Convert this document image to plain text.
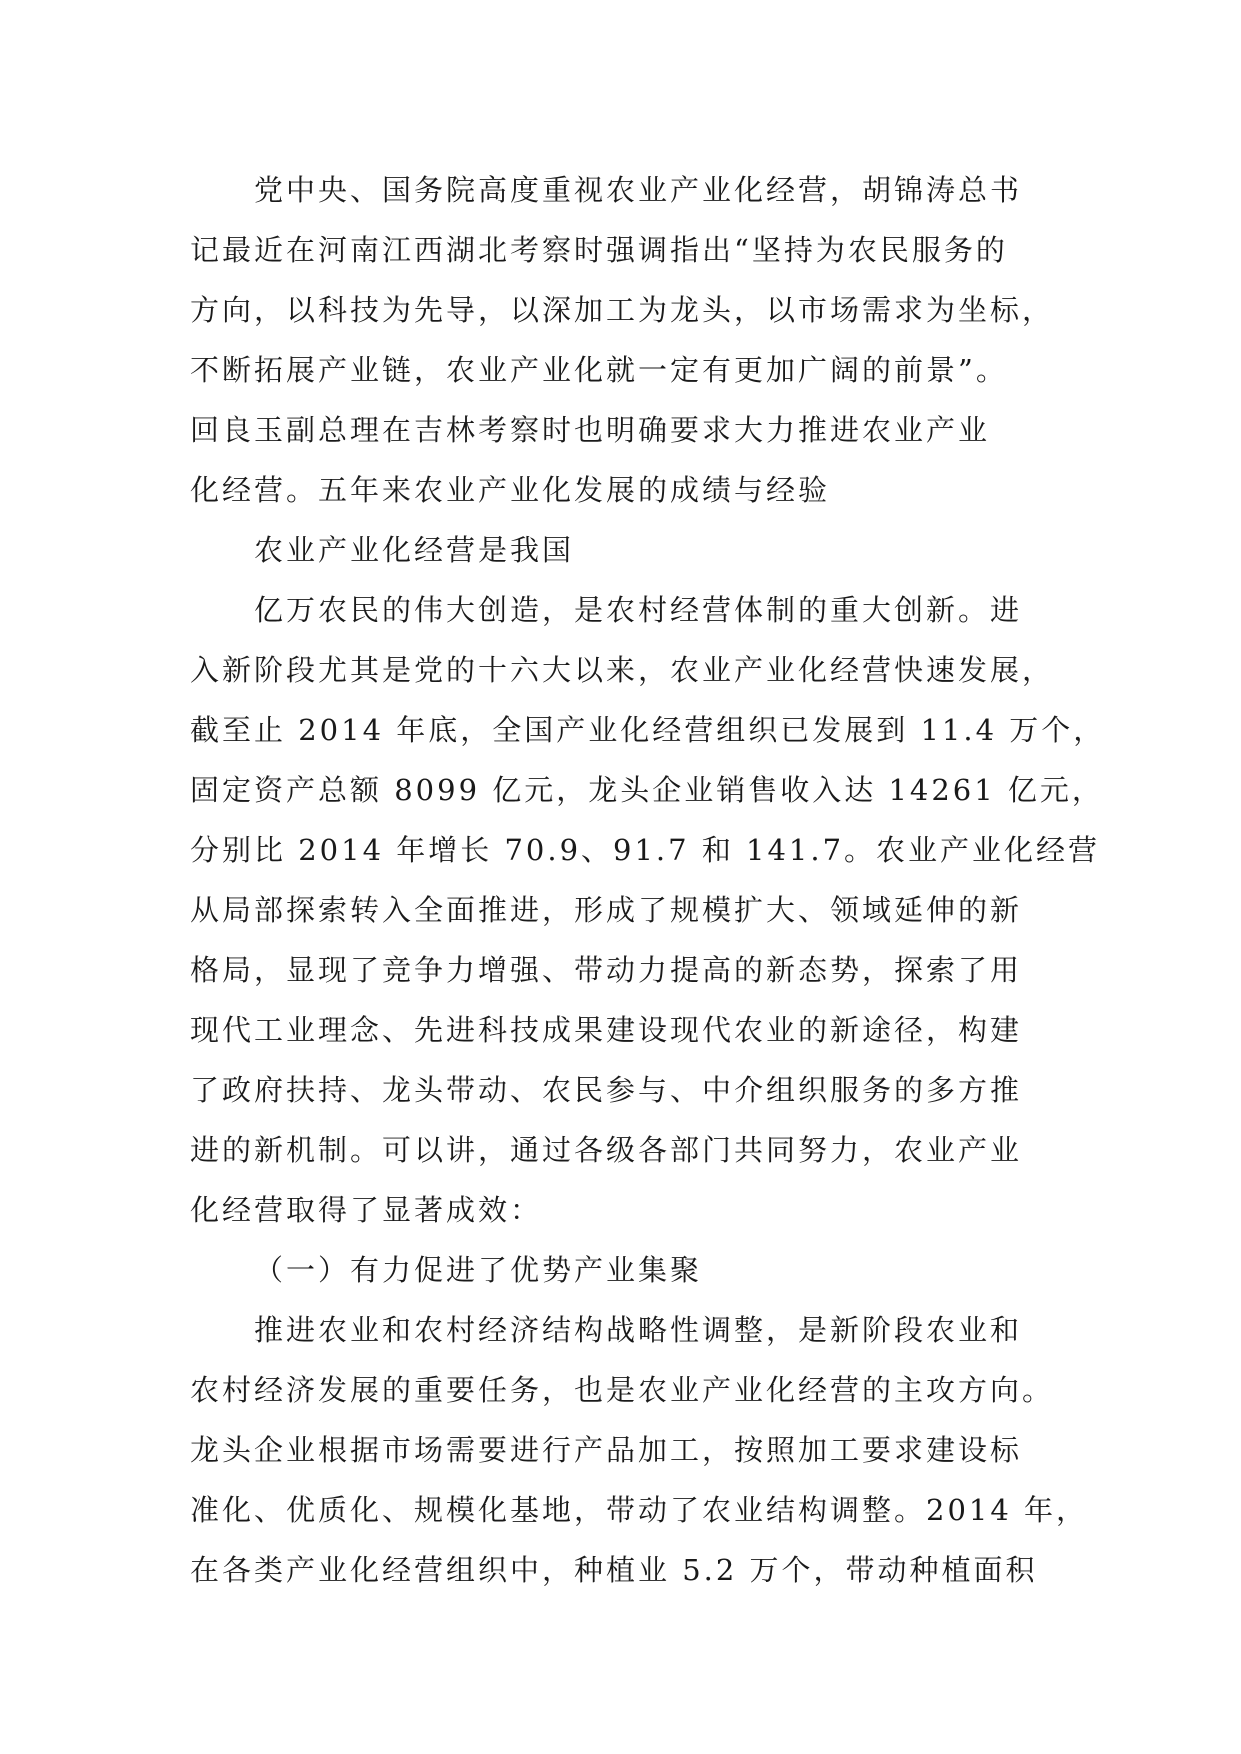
党中央、国务院高度重视农业产业化经营，胡锦涛总书
记最近在河南江西湖北考察时强调指出“坚持为农民服务的
方向，以科技为先导，以深加工为龙头，以市场需求为坐标，
不断拓展产业链，农业产业化就一定有更加广阔的前景”。
回良玉副总理在吉林考察时也明确要求大力推进农业产业
化经营。五年来农业产业化发展的成绩与经验
农业产业化经营是我国
亿万农民的伟大创造，是农村经营体制的重大创新。进
入新阶段尤其是党的十六大以来，农业产业化经营快速发展，
截至止 2014 年底，全国产业化经营组织已发展到 11.4 万个，
固定资产总额 8099 亿元，龙头企业销售收入达 14261 亿元，
分别比 2014 年增长 70.9、91.7 和 141.7。农业产业化经营
从局部探索转入全面推进，形成了规模扩大、领域延伸的新
格局，显现了竞争力增强、带动力提高的新态势，探索了用
现代工业理念、先进科技成果建设现代农业的新途径，构建
了政府扶持、龙头带动、农民参与、中介组织服务的多方推
进的新机制。可以讲，通过各级各部门共同努力，农业产业
化经营取得了显著成效：
（一）有力促进了优势产业集聚
推进农业和农村经济结构战略性调整，是新阶段农业和
农村经济发展的重要任务，也是农业产业化经营的主攻方向。
龙头企业根据市场需要进行产品加工，按照加工要求建设标
准化、优质化、规模化基地，带动了农业结构调整。2014 年，
在各类产业化经营组织中，种植业 5.2 万个，带动种植面积
